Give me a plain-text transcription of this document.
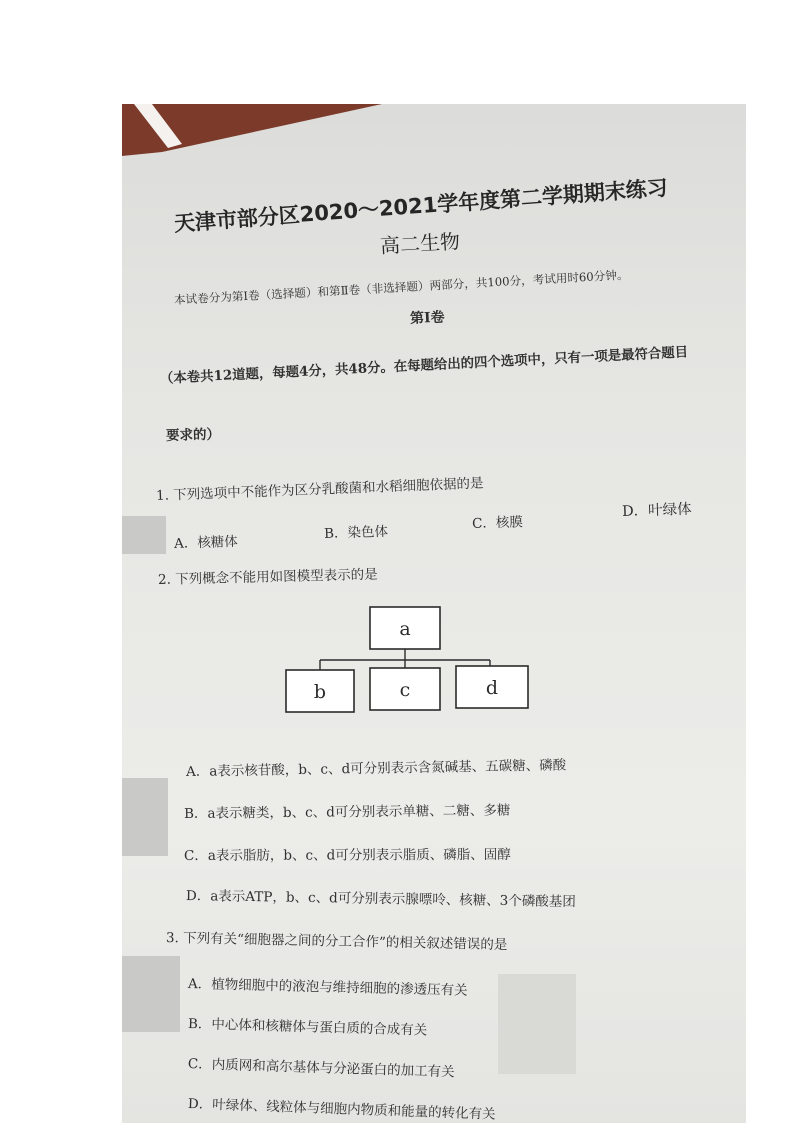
天津市部分区2020～2021学年度第二学期期末练习
高二生物
本试卷分为第Ⅰ卷（选择题）和第Ⅱ卷（非选择题）两部分，共100分，考试用时60分钟。
第Ⅰ卷
（本卷共12道题，每题4分，共48分。在每题给出的四个选项中，只有一项是最符合题目
要求的）
1. 下列选项中不能作为区分乳酸菌和水稻细胞依据的是
A．核糖体
B．染色体
C．核膜
D．叶绿体
2. 下列概念不能用如图模型表示的是
a
b	c	d
A．a表示核苷酸，b、c、d可分别表示含氮碱基、五碳糖、磷酸
B．a表示糖类，b、c、d可分别表示单糖、二糖、多糖
C．a表示脂肪，b、c、d可分别表示脂质、磷脂、固醇
D．a表示ATP，b、c、d可分别表示腺嘌呤、核糖、3个磷酸基团
3. 下列有关“细胞器之间的分工合作”的相关叙述错误的是
A．植物细胞中的液泡与维持细胞的渗透压有关
B．中心体和核糖体与蛋白质的合成有关
C．内质网和高尔基体与分泌蛋白的加工有关
D．叶绿体、线粒体与细胞内物质和能量的转化有关
